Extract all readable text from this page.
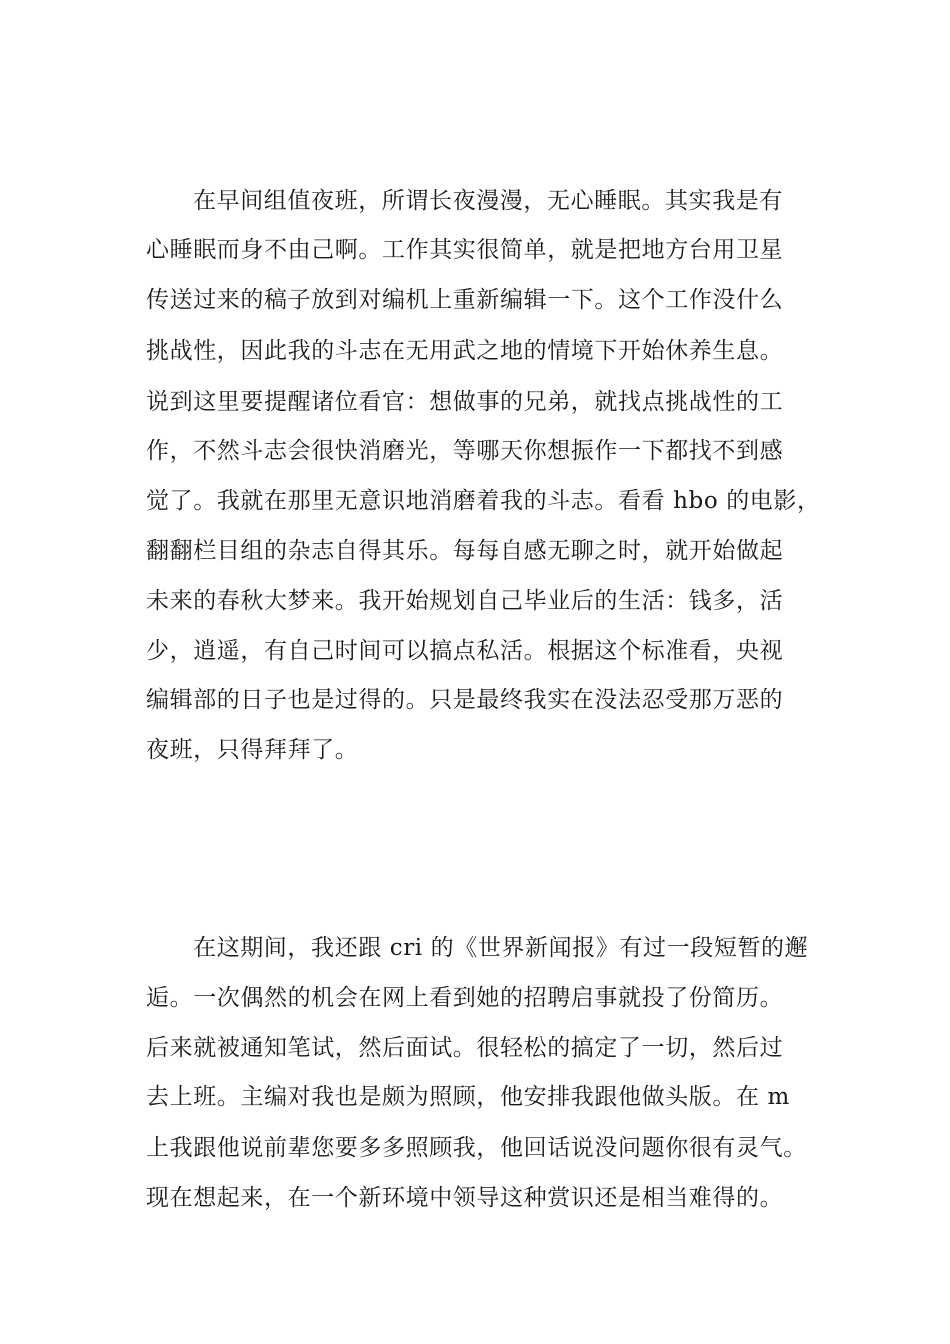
在早间组值夜班，所谓长夜漫漫，无心睡眠。其实我是有
心睡眠而身不由己啊。工作其实很简单，就是把地方台用卫星
传送过来的稿子放到对编机上重新编辑一下。这个工作没什么
挑战性，因此我的斗志在无用武之地的情境下开始休养生息。
说到这里要提醒诸位看官：想做事的兄弟，就找点挑战性的工
作，不然斗志会很快消磨光，等哪天你想振作一下都找不到感
觉了。我就在那里无意识地消磨着我的斗志。看看 hbo 的电影，
翻翻栏目组的杂志自得其乐。每每自感无聊之时，就开始做起
未来的春秋大梦来。我开始规划自己毕业后的生活：钱多，活
少，逍遥，有自己时间可以搞点私活。根据这个标准看，央视
编辑部的日子也是过得的。只是最终我实在没法忍受那万恶的
夜班，只得拜拜了。
在这期间，我还跟 cri 的《世界新闻报》有过一段短暂的邂
逅。一次偶然的机会在网上看到她的招聘启事就投了份简历。
后来就被通知笔试，然后面试。很轻松的搞定了一切，然后过
去上班。主编对我也是颇为照顾，他安排我跟他做头版。在 m
上我跟他说前辈您要多多照顾我，他回话说没问题你很有灵气。
现在想起来，在一个新环境中领导这种赏识还是相当难得的。
